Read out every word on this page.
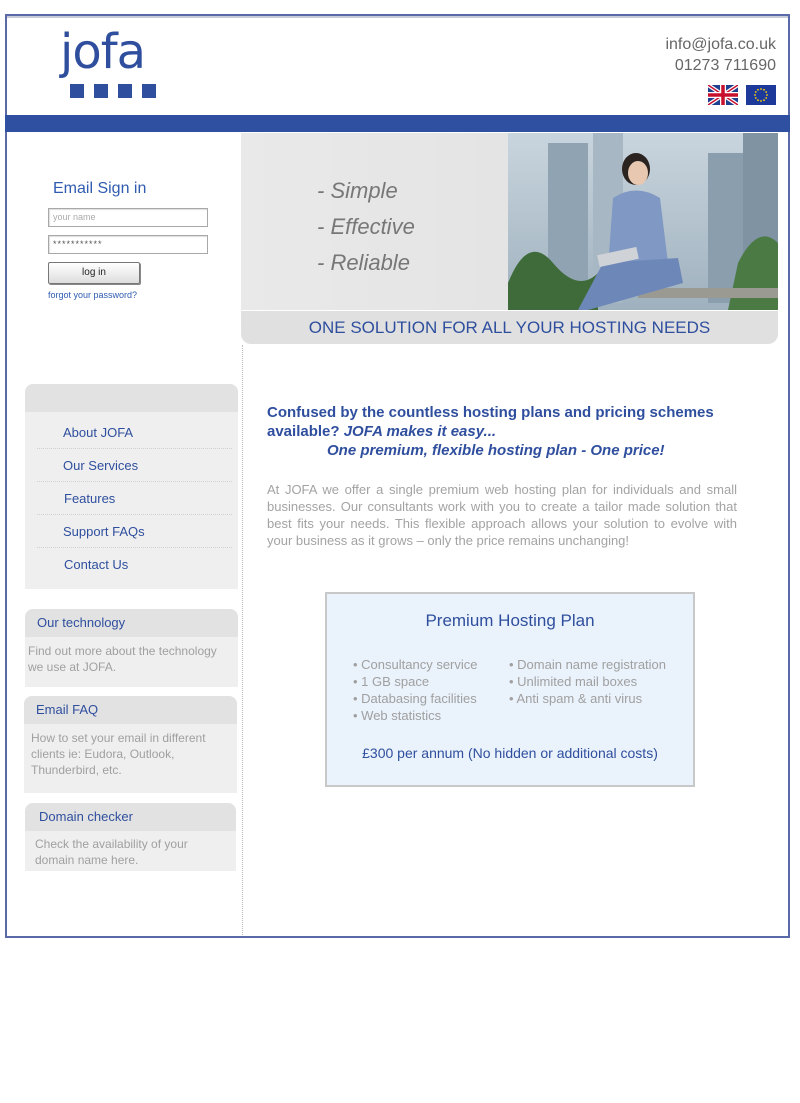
jofa	info@jofa.co.uk
01273 711690
Email Sign in
your name
***********
log in
forgot your password?
- Simple
- Effective
- Reliable
ONE SOLUTION FOR ALL YOUR HOSTING NEEDS
About JOFA
Our Services
Features
Support FAQs
Contact Us
Our technology
Find out more about the technology we use at JOFA.
Email FAQ
How to set your email in different clients ie: Eudora, Outlook, Thunderbird, etc.
Domain checker
Check the availability of your domain name here.
Confused by the countless hosting plans and pricing schemes available? JOFA makes it easy...
One premium, flexible hosting plan - One price!
At JOFA we offer a single premium web hosting plan for individuals and small businesses. Our consultants work with you to create a tailor made solution that best fits your needs. This flexible approach allows your solution to evolve with your business as it grows – only the price remains unchanging!
Premium Hosting Plan
• Consultancy service
• 1 GB space
• Databasing facilities
• Web statistics
• Domain name registration
• Unlimited mail boxes
• Anti spam & anti virus
£300 per annum (No hidden or additional costs)
